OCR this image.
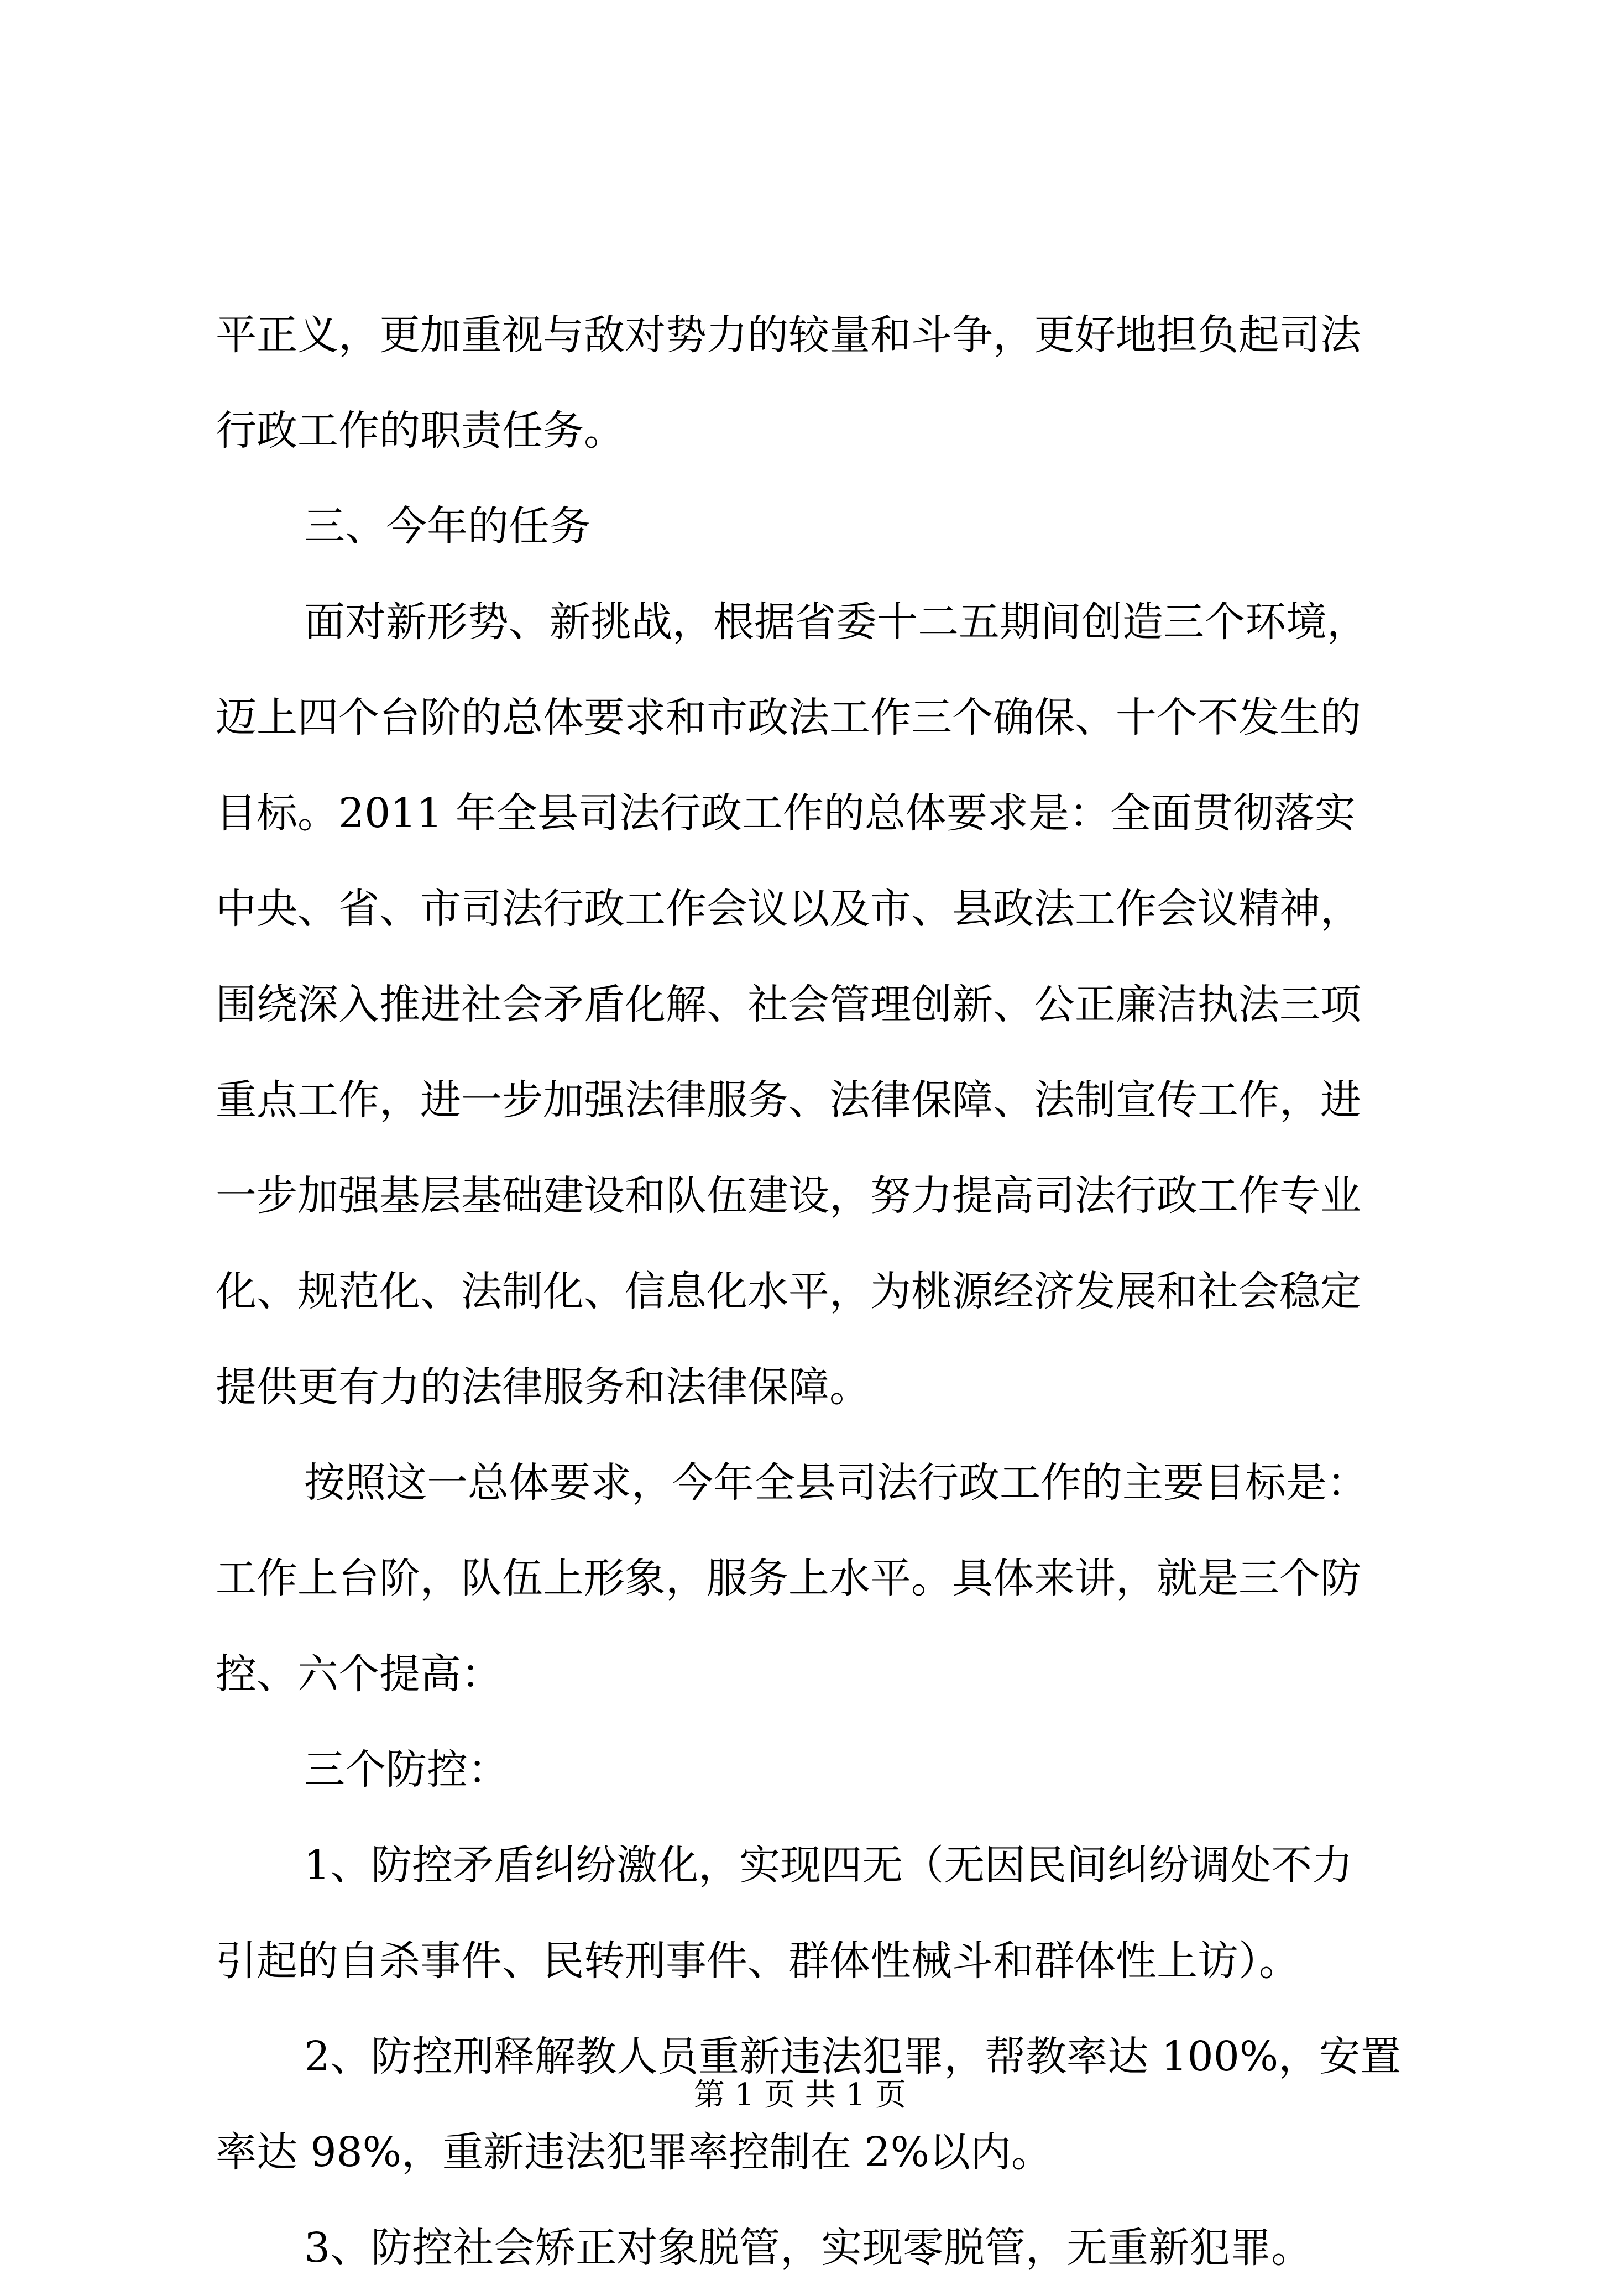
平正义，更加重视与敌对势力的较量和斗争，更好地担负起司法
行政工作的职责任务。
三、今年的任务
面对新形势、新挑战，根据省委十二五期间创造三个环境，
迈上四个台阶的总体要求和市政法工作三个确保、十个不发生的
目标。2011 年全县司法行政工作的总体要求是：全面贯彻落实
中央、省、市司法行政工作会议以及市、县政法工作会议精神，
围绕深入推进社会矛盾化解、社会管理创新、公正廉洁执法三项
重点工作，进一步加强法律服务、法律保障、法制宣传工作，进
一步加强基层基础建设和队伍建设，努力提高司法行政工作专业
化、规范化、法制化、信息化水平，为桃源经济发展和社会稳定
提供更有力的法律服务和法律保障。
按照这一总体要求，今年全县司法行政工作的主要目标是：
工作上台阶，队伍上形象，服务上水平。具体来讲，就是三个防
控、六个提高：
三个防控：
1、防控矛盾纠纷激化，实现四无（无因民间纠纷调处不力
引起的自杀事件、民转刑事件、群体性械斗和群体性上访）。
2、防控刑释解教人员重新违法犯罪，帮教率达 100%，安置
率达 98%，重新违法犯罪率控制在 2%以内。
3、防控社会矫正对象脱管，实现零脱管，无重新犯罪。
第 1 页 共 1 页
